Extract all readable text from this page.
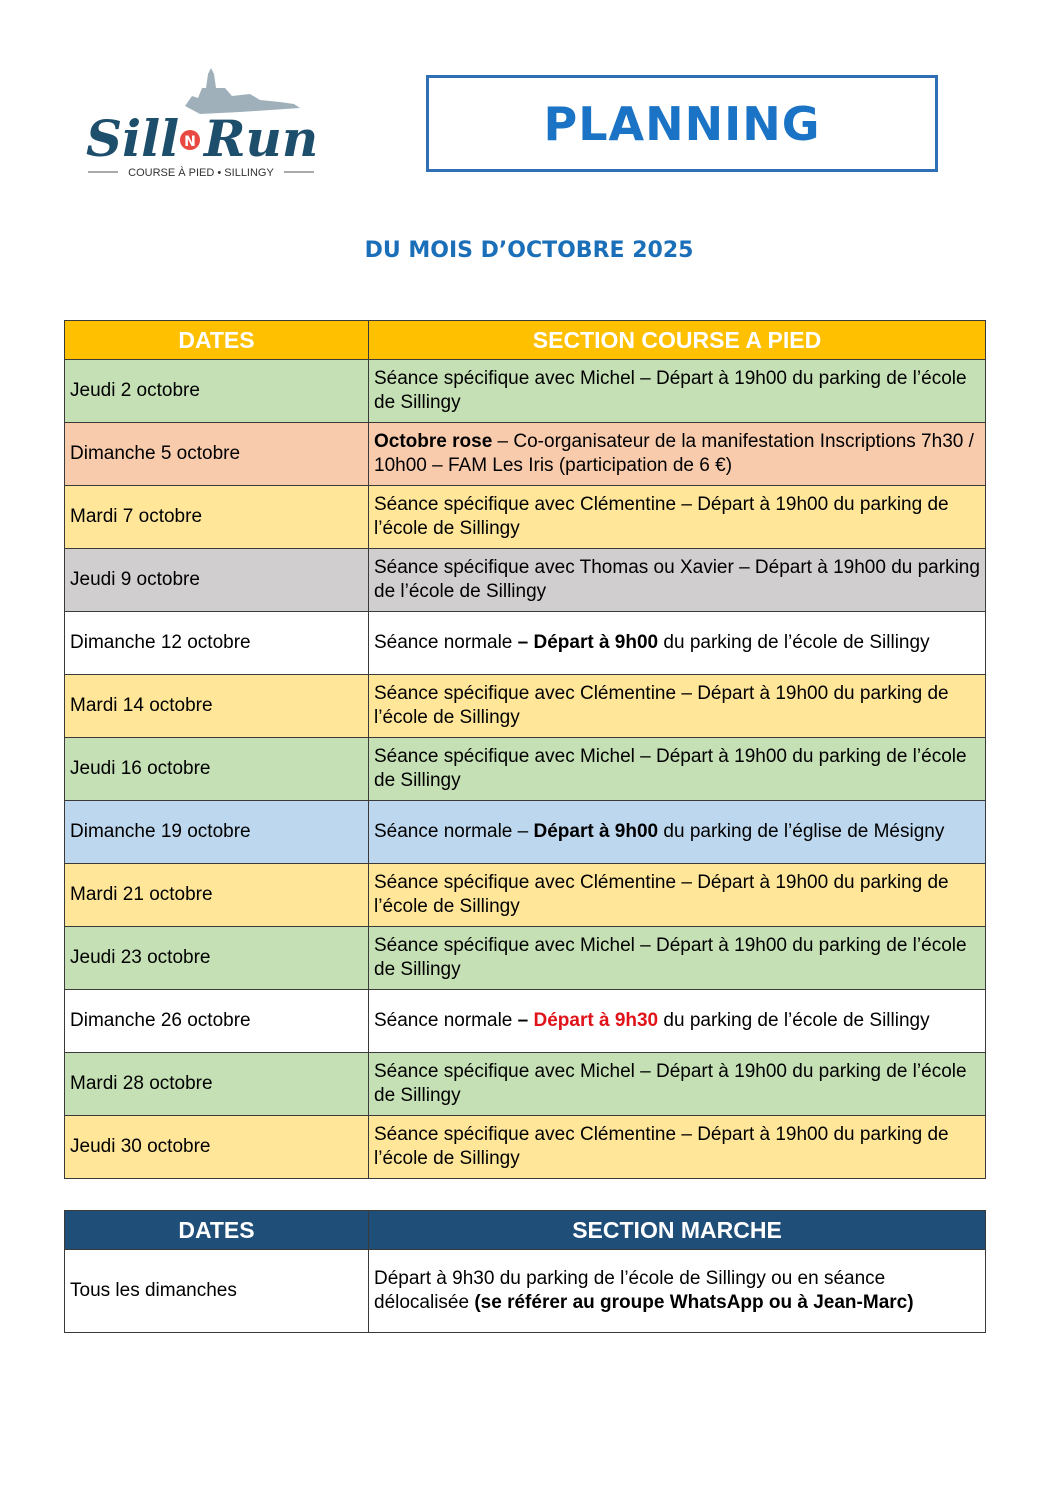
Sill N Run
COURSE À PIED • SILLINGY
PLANNING
DU MOIS D’OCTOBRE 2025
DATES	SECTION COURSE A PIED
Jeudi 2 octobre	Séance spécifique avec Michel – Départ à 19h00 du parking de l’école de Sillingy
Dimanche 5 octobre	Octobre rose – Co-organisateur de la manifestation Inscriptions 7h30 / 10h00 – FAM Les Iris (participation de 6 €)
Mardi 7 octobre	Séance spécifique avec Clémentine – Départ à 19h00 du parking de l’école de Sillingy
Jeudi 9 octobre	Séance spécifique avec Thomas ou Xavier – Départ à 19h00 du parking de l’école de Sillingy
Dimanche 12 octobre	Séance normale – Départ à 9h00 du parking de l’école de Sillingy
Mardi 14 octobre	Séance spécifique avec Clémentine – Départ à 19h00 du parking de l’école de Sillingy
Jeudi 16 octobre	Séance spécifique avec Michel – Départ à 19h00 du parking de l’école de Sillingy
Dimanche 19 octobre	Séance normale – Départ à 9h00 du parking de l’église de Mésigny
Mardi 21 octobre	Séance spécifique avec Clémentine – Départ à 19h00 du parking de l’école de Sillingy
Jeudi 23 octobre	Séance spécifique avec Michel – Départ à 19h00 du parking de l’école de Sillingy
Dimanche 26 octobre	Séance normale – Départ à 9h30 du parking de l’école de Sillingy
Mardi 28 octobre	Séance spécifique avec Michel – Départ à 19h00 du parking de l’école de Sillingy
Jeudi 30 octobre	Séance spécifique avec Clémentine – Départ à 19h00 du parking de l’école de Sillingy
DATES	SECTION MARCHE
Tous les dimanches	Départ à 9h30 du parking de l’école de Sillingy ou en séance délocalisée (se référer au groupe WhatsApp ou à Jean-Marc)
